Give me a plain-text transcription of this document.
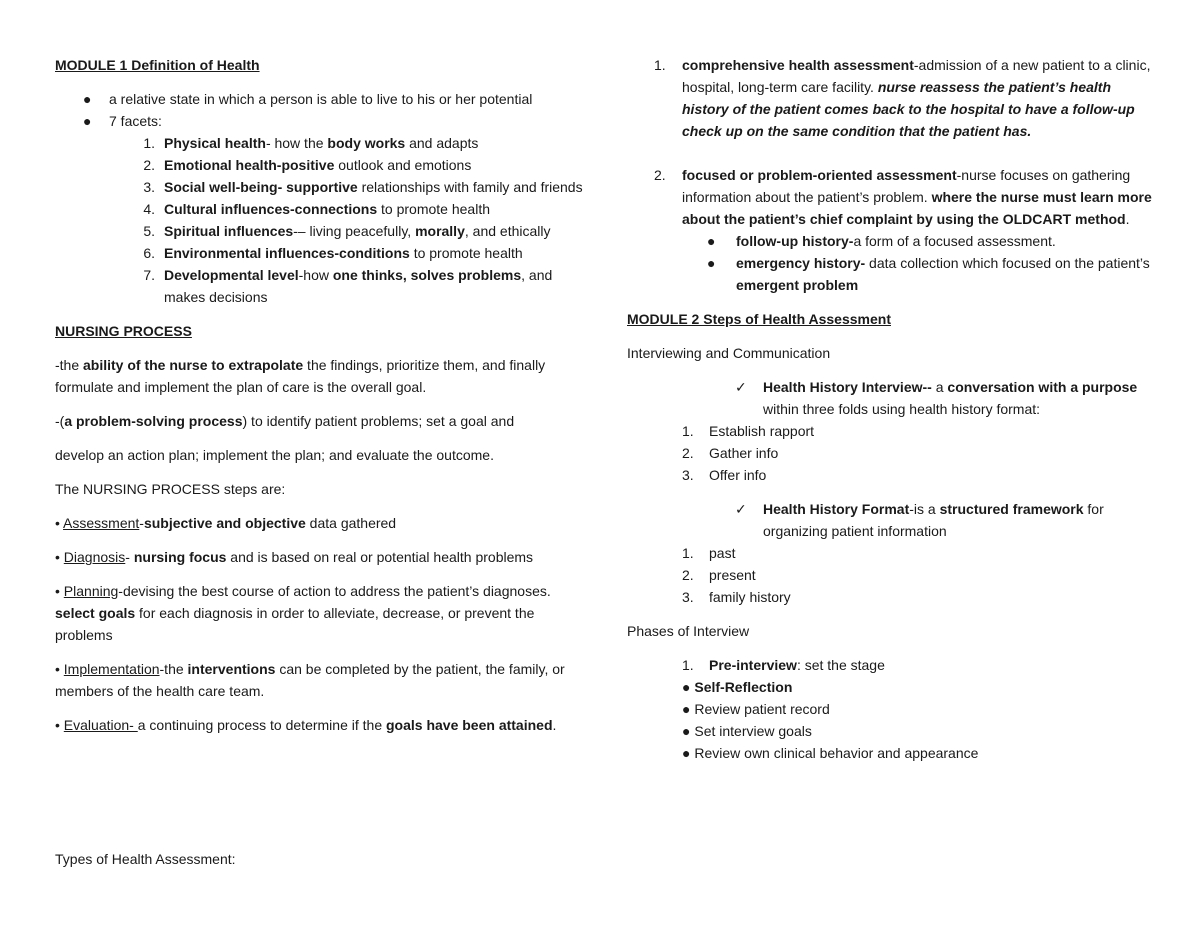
MODULE 1 Definition of Health

● a relative state in which a person is able to live to his or her potential
● 7 facets:
1. Physical health- how the body works and adapts
2. Emotional health-positive outlook and emotions
3. Social well-being- supportive relationships with family and friends
4. Cultural influences-connections to promote health
5. Spiritual influences-– living peacefully, morally, and ethically
6. Environmental influences-conditions to promote health
7. Developmental level-how one thinks, solves problems, and makes decisions

NURSING PROCESS

-the ability of the nurse to extrapolate the findings, prioritize them, and finally formulate and implement the plan of care is the overall goal.

-(a problem-solving process) to identify patient problems; set a goal and

develop an action plan; implement the plan; and evaluate the outcome.

The NURSING PROCESS steps are:

• Assessment-subjective and objective data gathered

• Diagnosis- nursing focus and is based on real or potential health problems

• Planning-devising the best course of action to address the patient’s diagnoses. select goals for each diagnosis in order to alleviate, decrease, or prevent the problems

• Implementation-the interventions can be completed by the patient, the family, or members of the health care team.

• Evaluation- a continuing process to determine if the goals have been attained.

Types of Health Assessment:

1.	comprehensive health assessment-admission of a new patient to a clinic, hospital, long-term care facility. nurse reassess the patient’s health history of the patient comes back to the hospital to have a follow-up check up on the same condition that the patient has.
2.	focused or problem-oriented assessment-nurse focuses on gathering information about the patient’s problem. where the nurse must learn more about the patient’s chief complaint by using the OLDCART method.
● follow-up history-a form of a focused assessment.
● emergency history- data collection which focused on the patient’s emergent problem

MODULE 2 Steps of Health Assessment

Interviewing and Communication

✓ Health History Interview-- a conversation with a purpose within three folds using health history format:
1. Establish rapport
2. Gather info
3. Offer info
✓ Health History Format-is a structured framework for organizing patient information
1. past
2. present
3. family history

Phases of Interview

1. Pre-interview: set the stage
● Self-Reflection
● Review patient record
● Set interview goals
● Review own clinical behavior and appearance
